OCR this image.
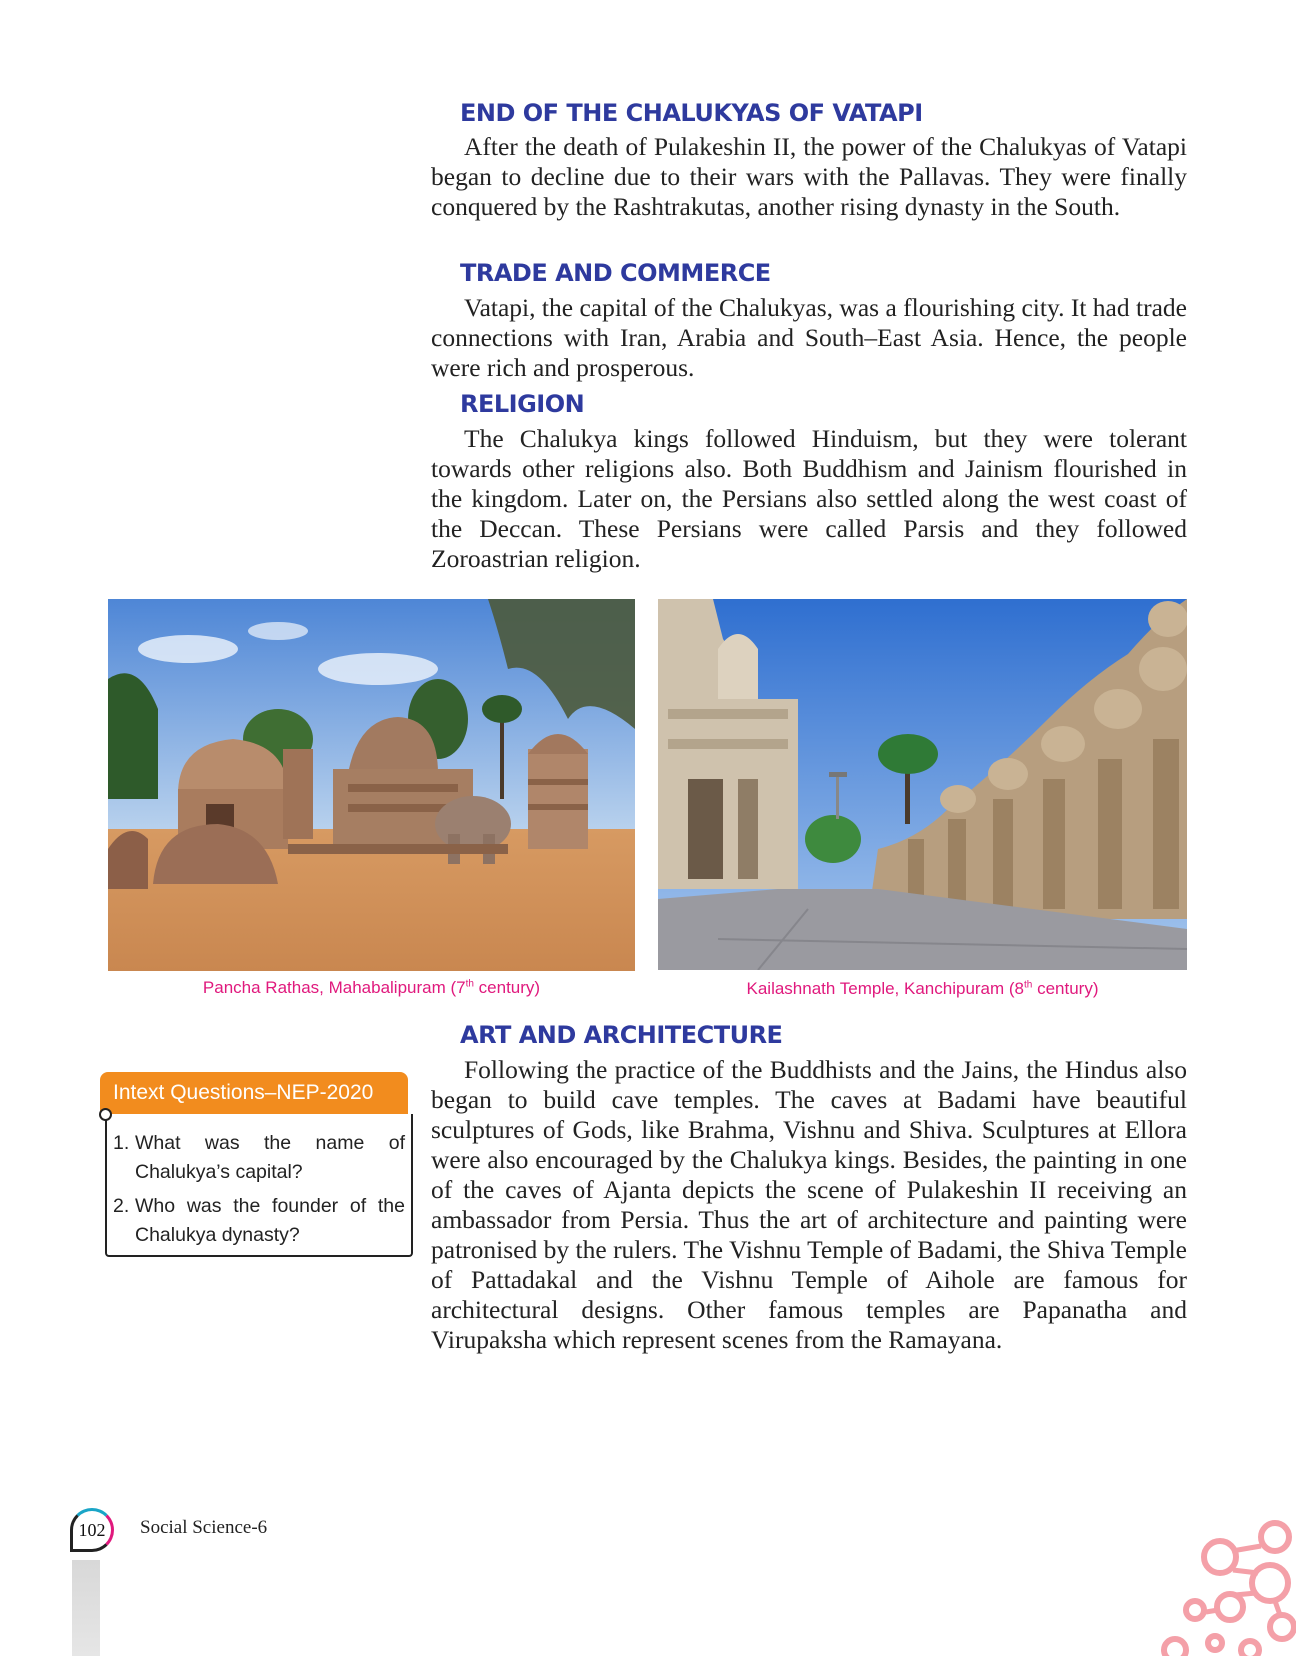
END OF THE CHALUKYAS OF VATAPI
After the death of Pulakeshin II, the power of the Chalukyas of Vatapi began to decline due to their wars with the Pallavas. They were finally conquered by the Rashtrakutas, another rising dynasty in the South.
TRADE AND COMMERCE
Vatapi, the capital of the Chalukyas, was a flourishing city. It had trade connections with Iran, Arabia and South–East Asia. Hence, the people were rich and prosperous.
RELIGION
The Chalukya kings followed Hinduism, but they were tolerant towards other religions also. Both Buddhism and Jainism flourished in the kingdom. Later on, the Persians also settled along the west coast of the Deccan. These Persians were called Parsis and they followed Zoroastrian religion.
Pancha Rathas, Mahabalipuram (7th century)	Kailashnath Temple, Kanchipuram (8th century)
ART AND ARCHITECTURE
Following the practice of the Buddhists and the Jains, the Hindus also began to build cave temples. The caves at Badami have beautiful sculptures of Gods, like Brahma, Vishnu and Shiva. Sculptures at Ellora were also encouraged by the Chalukya kings. Besides, the painting in one of the caves of Ajanta depicts the scene of Pulakeshin II receiving an ambassador from Persia. Thus the art of architecture and painting were patronised by the rulers. The Vishnu Temple of Badami, the Shiva Temple of Pattadakal and the Vishnu Temple of Aihole are famous for architectural designs. Other famous temples are Papanatha and Virupaksha which represent scenes from the Ramayana.
Intext Questions–NEP-2020
1. What was the name of
Chalukya’s capital?
2. Who was the founder of the
Chalukya dynasty?
102	Social Science-6
